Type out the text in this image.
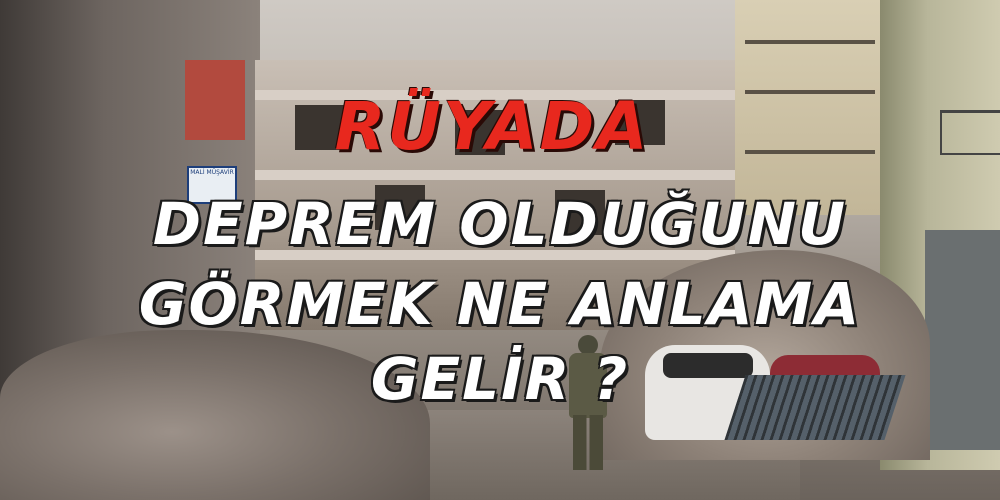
MALİ MÜŞAVİR
RÜYADA
DEPREM OLDUĞUNU
GÖRMEK NE ANLAMA
GELİR ?
